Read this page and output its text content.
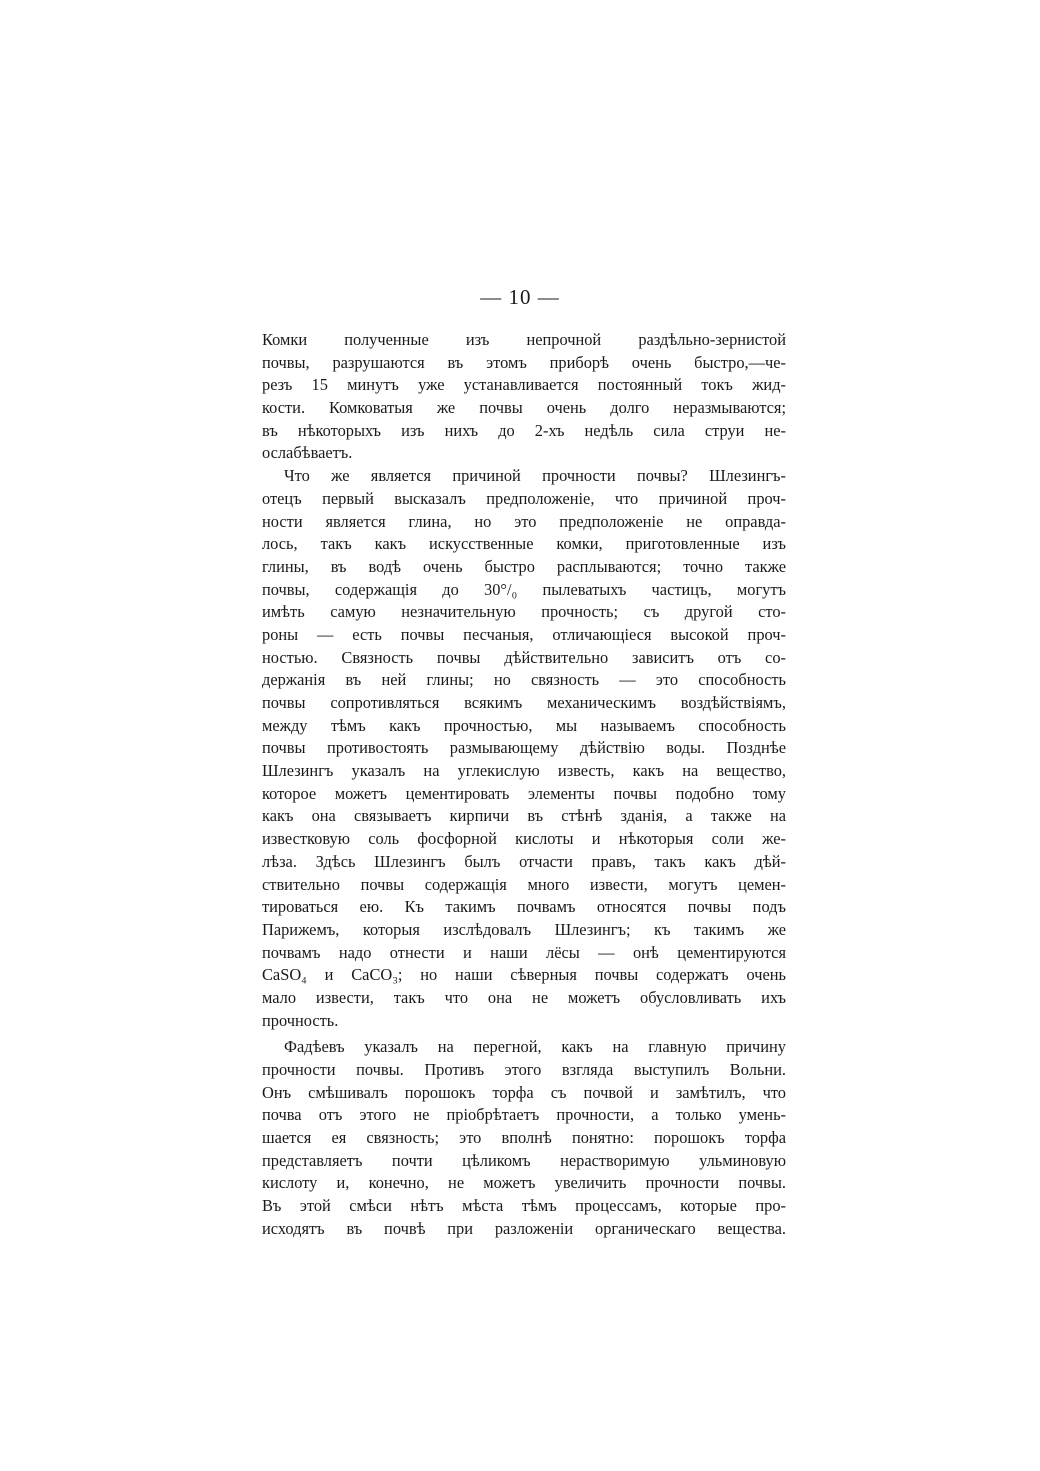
— 10 —
Комки полученные изъ непрочной раздѣльно-зернистой
почвы, разрушаются въ этомъ приборѣ очень быстро,—че-
резъ 15 минутъ уже устанавливается постоянный токъ жид-
кости. Комковатыя же почвы очень долго неразмываются;
въ нѣкоторыхъ изъ нихъ до 2-хъ недѣль сила струи не-
ослабѣваетъ.
Что же является причиной прочности почвы? Шлезингъ-
отецъ первый высказалъ предположеніе, что причиной проч-
ности является глина, но это предположеніе не оправда-
лось, такъ какъ искусственные комки, приготовленные изъ
глины, въ водѣ очень быстро расплываются; точно также
почвы, содержащія до 30°/₀ пылеватыхъ частицъ, могутъ
имѣть самую незначительную прочность; съ другой сто-
роны — есть почвы песчаныя, отличающіеся высокой проч-
ностью. Связность почвы дѣйствительно зависитъ отъ со-
держанія въ ней глины; но связность — это способность
почвы сопротивляться всякимъ механическимъ воздѣйствіямъ,
между тѣмъ какъ прочностью, мы называемъ способность
почвы противостоять размывающему дѣйствію воды. Позднѣе
Шлезингъ указалъ на углекислую известь, какъ на вещество,
которое можетъ цементировать элементы почвы подобно тому
какъ она связываетъ кирпичи въ стѣнѣ зданія, а также на
известковую соль фосфорной кислоты и нѣкоторыя соли же-
лѣза. Здѣсь Шлезингъ былъ отчасти правъ, такъ какъ дѣй-
ствительно почвы содержащія много извести, могутъ цемен-
тироваться ею. Къ такимъ почвамъ относятся почвы подъ
Парижемъ, которыя изслѣдовалъ Шлезингъ; къ такимъ же
почвамъ надо отнести и наши лёсы — онѣ цементируются
CaSO₄ и CaCO₃; но наши сѣверныя почвы содержатъ очень
мало извести, такъ что она не можетъ обусловливать ихъ
прочность.
Фадѣевъ указалъ на перегной, какъ на главную причину
прочности почвы. Противъ этого взгляда выступилъ Вольни.
Онъ смѣшивалъ порошокъ торфа съ почвой и замѣтилъ, что
почва отъ этого не пріобрѣтаетъ прочности, а только умень-
шается ея связность; это вполнѣ понятно: порошокъ торфа
представляетъ почти цѣликомъ нерастворимую ульминовую
кислоту и, конечно, не можетъ увеличить прочности почвы.
Въ этой смѣси нѣтъ мѣста тѣмъ процессамъ, которые про-
исходятъ въ почвѣ при разложеніи органическаго вещества.
